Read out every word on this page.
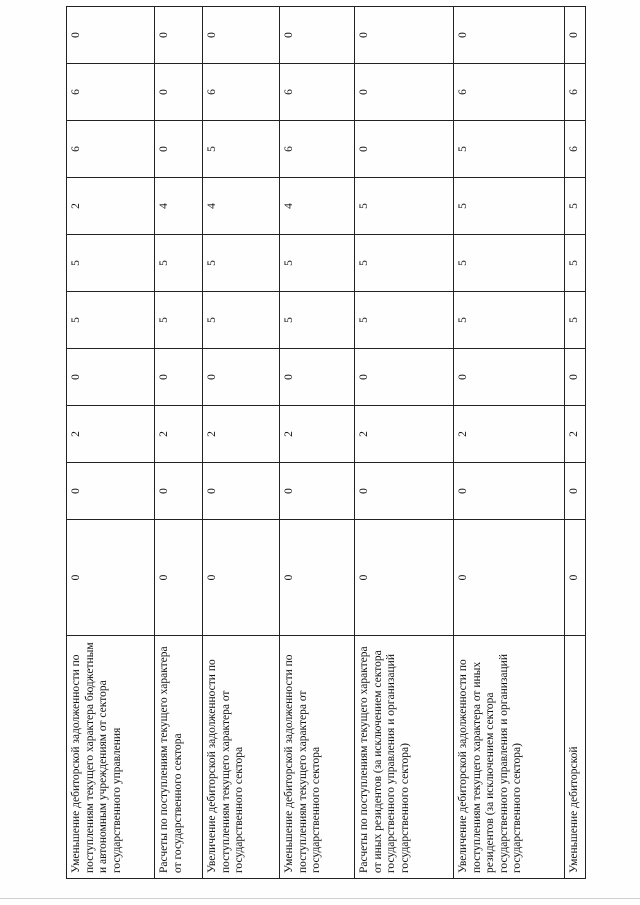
Уменьшение дебиторской задолженности по поступлениям текущего характера бюджетным и автономным учреждениям от сектора государственного управления	0	0	2	0	5	5	2	6	6	0
Расчеты по поступлениям текущего характера от государственного сектора	0	0	2	0	5	5	4	0	0	0
Увеличение дебиторской задолженности по поступлениям текущего характера от государственного сектора	0	0	2	0	5	5	4	5	6	0
Уменьшение дебиторской задолженности по поступлениям текущего характера от государственного сектора	0	0	2	0	5	5	4	6	6	0
Расчеты по поступлениям текущего характера от иных резидентов (за исключением сектора государственного управления и организаций государственного сектора)	0	0	2	0	5	5	5	0	0	0
Увеличение дебиторской задолженности по поступлениям текущего характера от иных резидентов (за исключением сектора государственного управления и организаций государственного сектора)	0	0	2	0	5	5	5	5	6	0
Уменьшение дебиторской	0	0	2	0	5	5	5	6	6	0
